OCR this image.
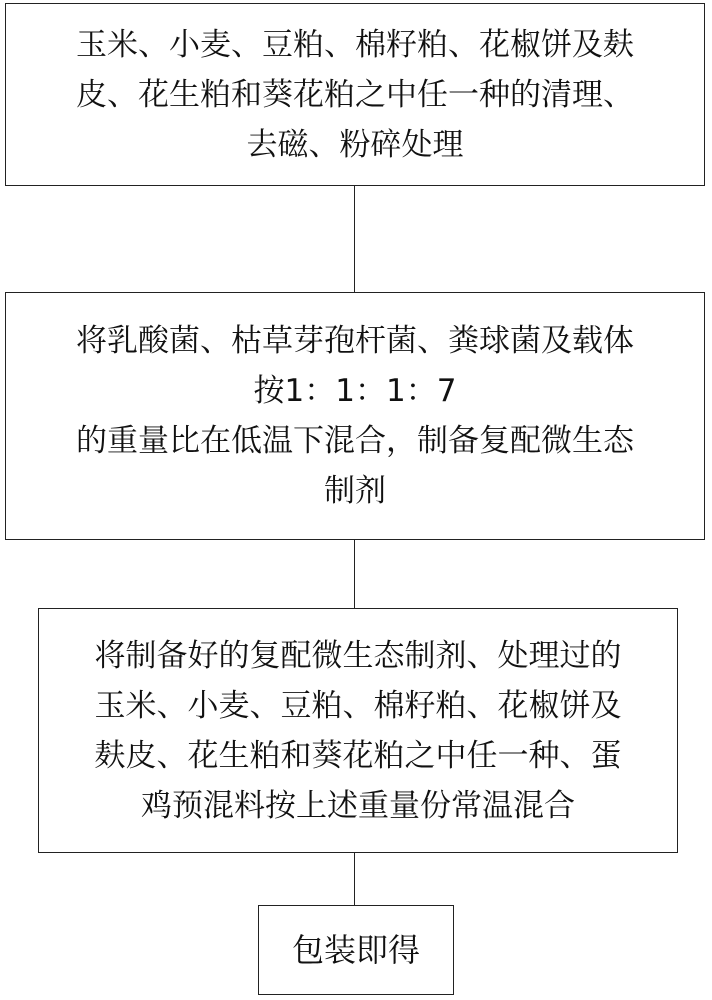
玉米、小麦、豆粕、棉籽粕、花椒饼及麸
皮、花生粕和葵花粕之中任一种的清理、
去磁、粉碎处理
将乳酸菌、枯草芽孢杆菌、粪球菌及载体
按1：1：1：7
的重量比在低温下混合，制备复配微生态
制剂
将制备好的复配微生态制剂、处理过的
玉米、小麦、豆粕、棉籽粕、花椒饼及
麸皮、花生粕和葵花粕之中任一种、蛋
鸡预混料按上述重量份常温混合
包装即得
